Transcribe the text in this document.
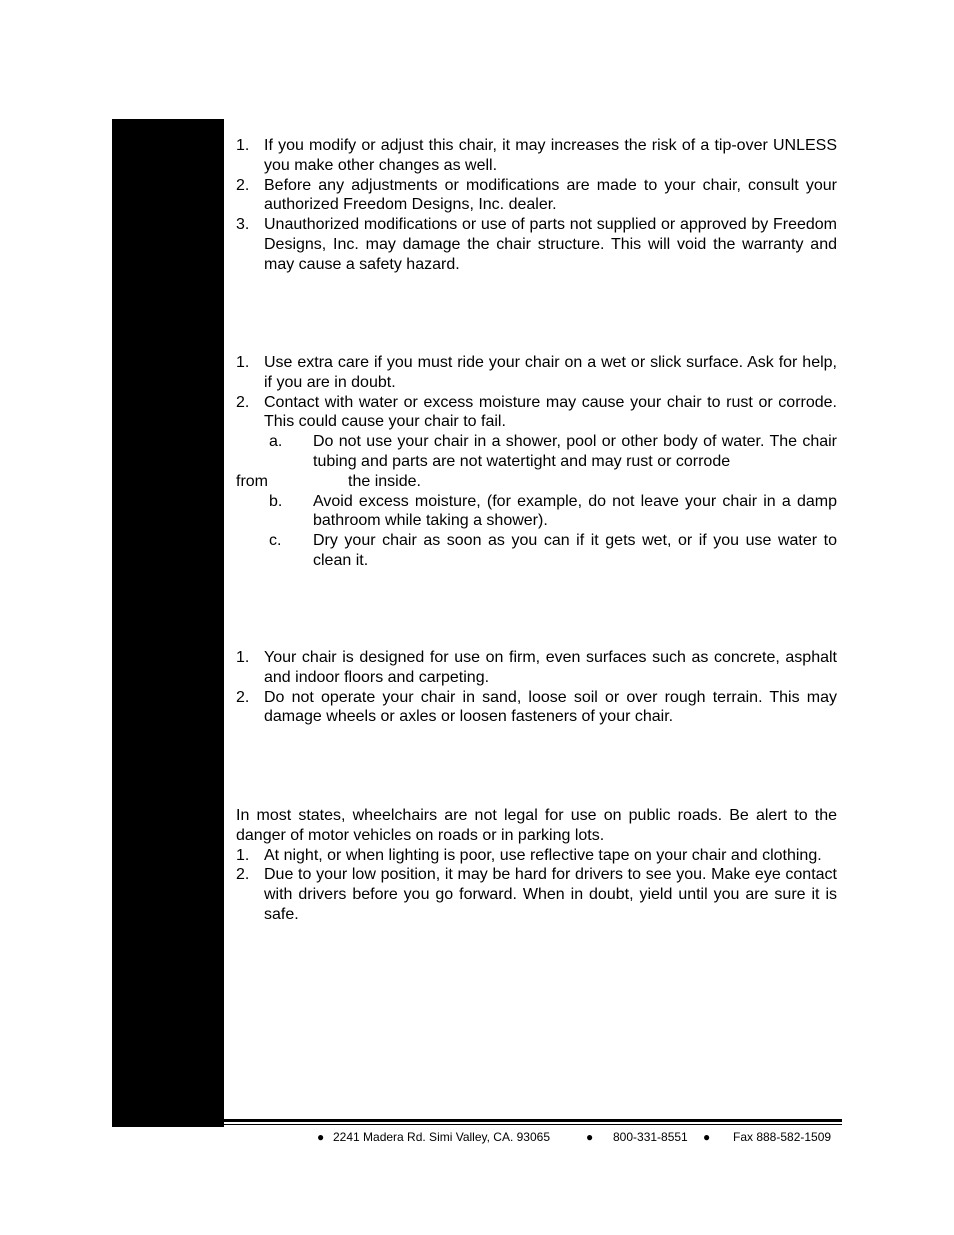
1. If you modify or adjust this chair, it may increases the risk of a tip-over UNLESS you make other changes as well.
2. Before any adjustments or modifications are made to your chair, consult your authorized Freedom Designs, Inc. dealer.
3. Unauthorized modifications or use of parts not supplied or approved by Freedom Designs, Inc. may damage the chair structure. This will void the warranty and may cause a safety hazard.
1. Use extra care if you must ride your chair on a wet or slick surface. Ask for help, if you are in doubt.
2. Contact with water or excess moisture may cause your chair to rust or corrode. This could cause your chair to fail.
a. Do not use your chair in a shower, pool or other body of water. The chair tubing and parts are not watertight and may rust or corrode
from	the inside.
b. Avoid excess moisture, (for example, do not leave your chair in a damp bathroom while taking a shower).
c. Dry your chair as soon as you can if it gets wet, or if you use water to clean it.
1. Your chair is designed for use on firm, even surfaces such as concrete, asphalt and indoor floors and carpeting.
2. Do not operate your chair in sand, loose soil or over rough terrain. This may damage wheels or axles or loosen fasteners of your chair.
In most states, wheelchairs are not legal for use on public roads. Be alert to the danger of motor vehicles on roads or in parking lots.
1. At night, or when lighting is poor, use reflective tape on your chair and clothing.
2. Due to your low position, it may be hard for drivers to see you. Make eye contact with drivers before you go forward. When in doubt, yield until you are sure it is safe.
● 2241 Madera Rd. Simi Valley, CA. 93065	● 800-331-8551 ● Fax 888-582-1509
